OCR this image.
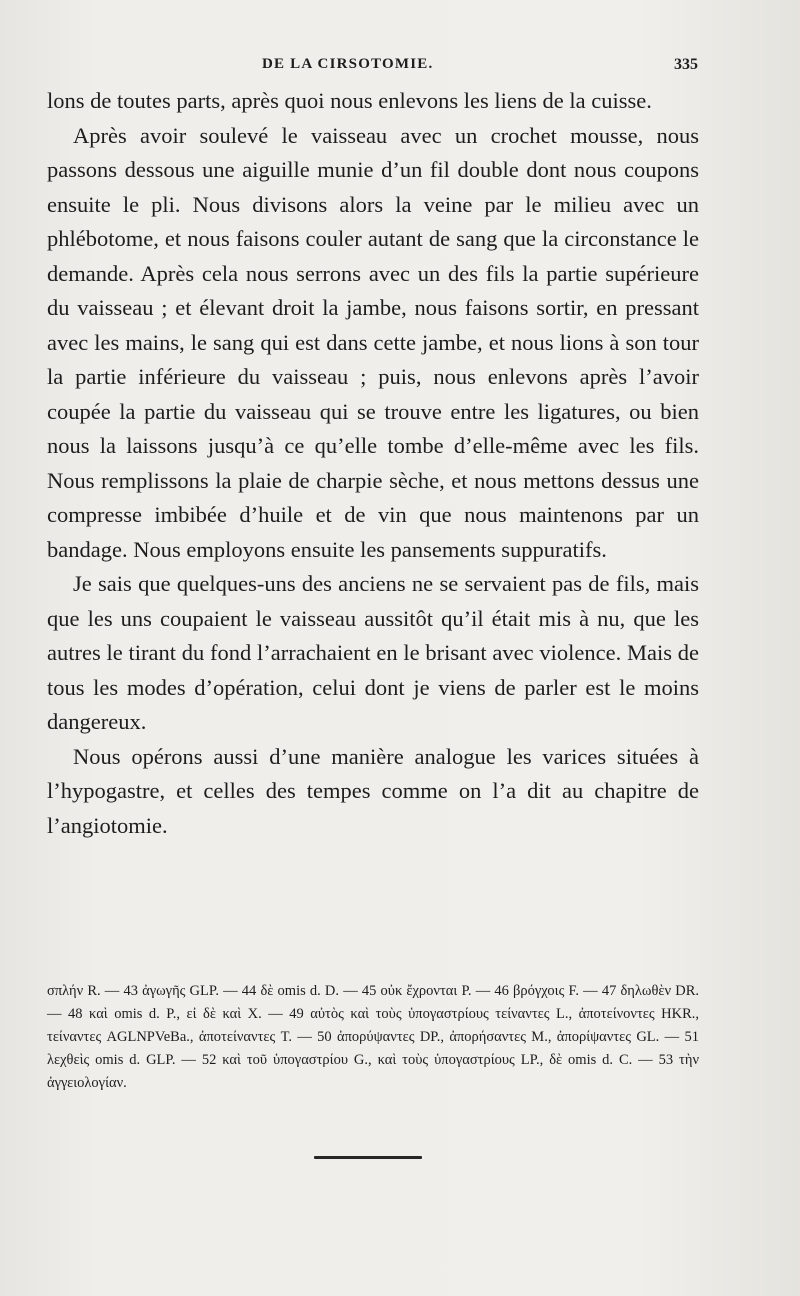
DE LA CIRSOTOMIE.	335

lons de toutes parts, après quoi nous enlevons les liens de la cuisse.

Après avoir soulevé le vaisseau avec un crochet mousse, nous passons dessous une aiguille munie d’un fil double dont nous coupons ensuite le pli. Nous divisons alors la veine par le milieu avec un phlébotome, et nous faisons couler autant de sang que la circonstance le demande. Après cela nous serrons avec un des fils la partie supérieure du vaisseau ; et élevant droit la jambe, nous faisons sortir, en pressant avec les mains, le sang qui est dans cette jambe, et nous lions à son tour la partie inférieure du vaisseau ; puis, nous enlevons après l’avoir coupée la partie du vaisseau qui se trouve entre les ligatures, ou bien nous la laissons jusqu’à ce qu’elle tombe d’elle-même avec les fils. Nous remplissons la plaie de charpie sèche, et nous mettons dessus une compresse imbibée d’huile et de vin que nous maintenons par un bandage. Nous employons ensuite les pansements suppuratifs.

Je sais que quelques-uns des anciens ne se servaient pas de fils, mais que les uns coupaient le vaisseau aussitôt qu’il était mis à nu, que les autres le tirant du fond l’arrachaient en le brisant avec violence. Mais de tous les modes d’opération, celui dont je viens de parler est le moins dangereux.

Nous opérons aussi d’une manière analogue les varices situées à l’hypogastre, et celles des tempes comme on l’a dit au chapitre de l’angiotomie.

σπλήν R. — 43 ἀγωγῆς GLP. — 44 δὲ omis d. D. — 45 οὐκ ἔχρονται P. — 46 βρόγχοις F. — 47 δηλωθὲν DR. — 48 καὶ omis d. P., εἰ δὲ καὶ X. — 49 αὐτὸς καὶ τοὺς ὑπογαστρίους τείναντες L., ἀποτείνοντες HKR., τείναντες AGLNPVeBa., ἀποτείναντες T. — 50 ἀπορύψαντες DP., ἀπορήσαντες M., ἀπορίψαντες GL. — 51 λεχθεὶς omis d. GLP. — 52 καὶ τοῦ ὑπογαστρίου G., καὶ τοὺς ὑπογαστρίους LP., δὲ omis d. C. — 53 τὴν ἀγγειολογίαν.
